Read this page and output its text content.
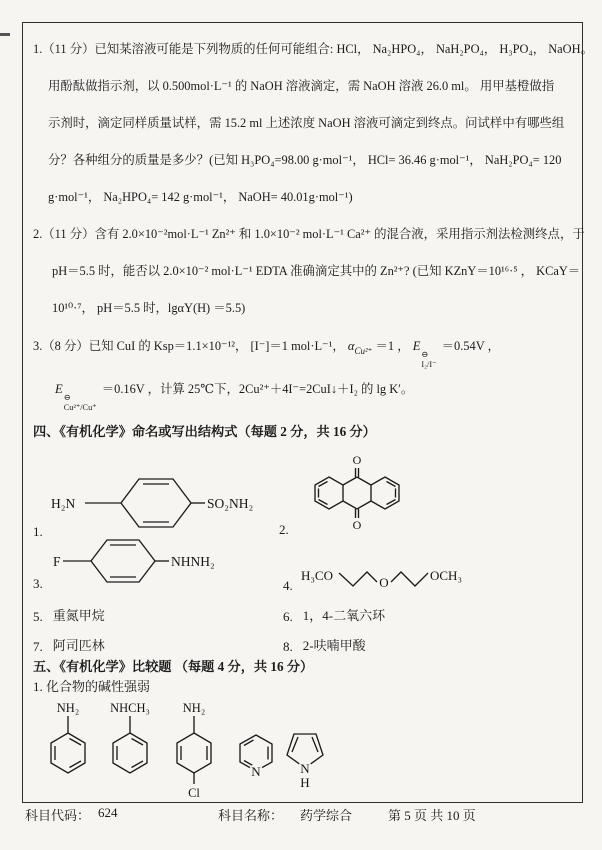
1.（11 分）已知某溶液可能是下列物质的任何可能组合: HCl， Na₂HPO₄， NaH₂PO₄， H₃PO₄， NaOH。
用酚酞做指示剂，以 0.500mol·L⁻¹ 的 NaOH 溶液滴定，需 NaOH 溶液 26.0 ml。 用甲基橙做指
示剂时，滴定同样质量试样，需 15.2 ml 上述浓度 NaOH 溶液可滴定到终点。问试样中有哪些组
分？各种组分的质量是多少？(已知 H₃PO₄=98.00 g·mol⁻¹， HCl= 36.46 g·mol⁻¹， NaH₂PO₄= 120
g·mol⁻¹， Na₂HPO₄= 142 g·mol⁻¹， NaOH= 40.01g·mol⁻¹)
2.（11 分）含有 2.0×10⁻²mol·L⁻¹ Zn²⁺ 和 1.0×10⁻² mol·L⁻¹ Ca²⁺ 的混合液，采用指示剂法检测终点，于
pH＝5.5 时，能否以 2.0×10⁻² mol·L⁻¹ EDTA 准确滴定其中的 Zn²⁺? (已知 KZnY＝10¹⁶·⁵ ， KCaY＝
10¹⁰·⁷， pH＝5.5 时，lgαY(H) ＝5.5)
3.（8 分）已知 CuI 的 Ksp＝1.1×10⁻¹²， [I⁻]＝1 mol·L⁻¹， $\alpha_{Cu^{2+}} =1$ ， E
⊖
I₂/I⁻
＝0.54V ，
E
⊖
Cu²⁺/Cu⁺
＝0.16V ，计算 25℃下，2Cu²⁺＋4I⁻=2CuI↓＋I₂ 的 lg K′。
四、《有机化学》命名或写出结构式（每题 2 分，共 16 分）
1.
H₂N	SO₂NH₂
2.
O
O
3.
F	NHNH₂
4.
H₃CO	O	OCH₃
5. 重氮甲烷	6. 1，4-二氧六环
7. 阿司匹林	8. 2-呋喃甲酸
五、《有机化学》比较题 （每题 4 分，共 16 分）
1. 化合物的碱性强弱
NH₂ NHCH₃	NH₂
Cl
N	N
H
科目代码： 624	科目名称： 药学综合	第 5 页 共 10 页
